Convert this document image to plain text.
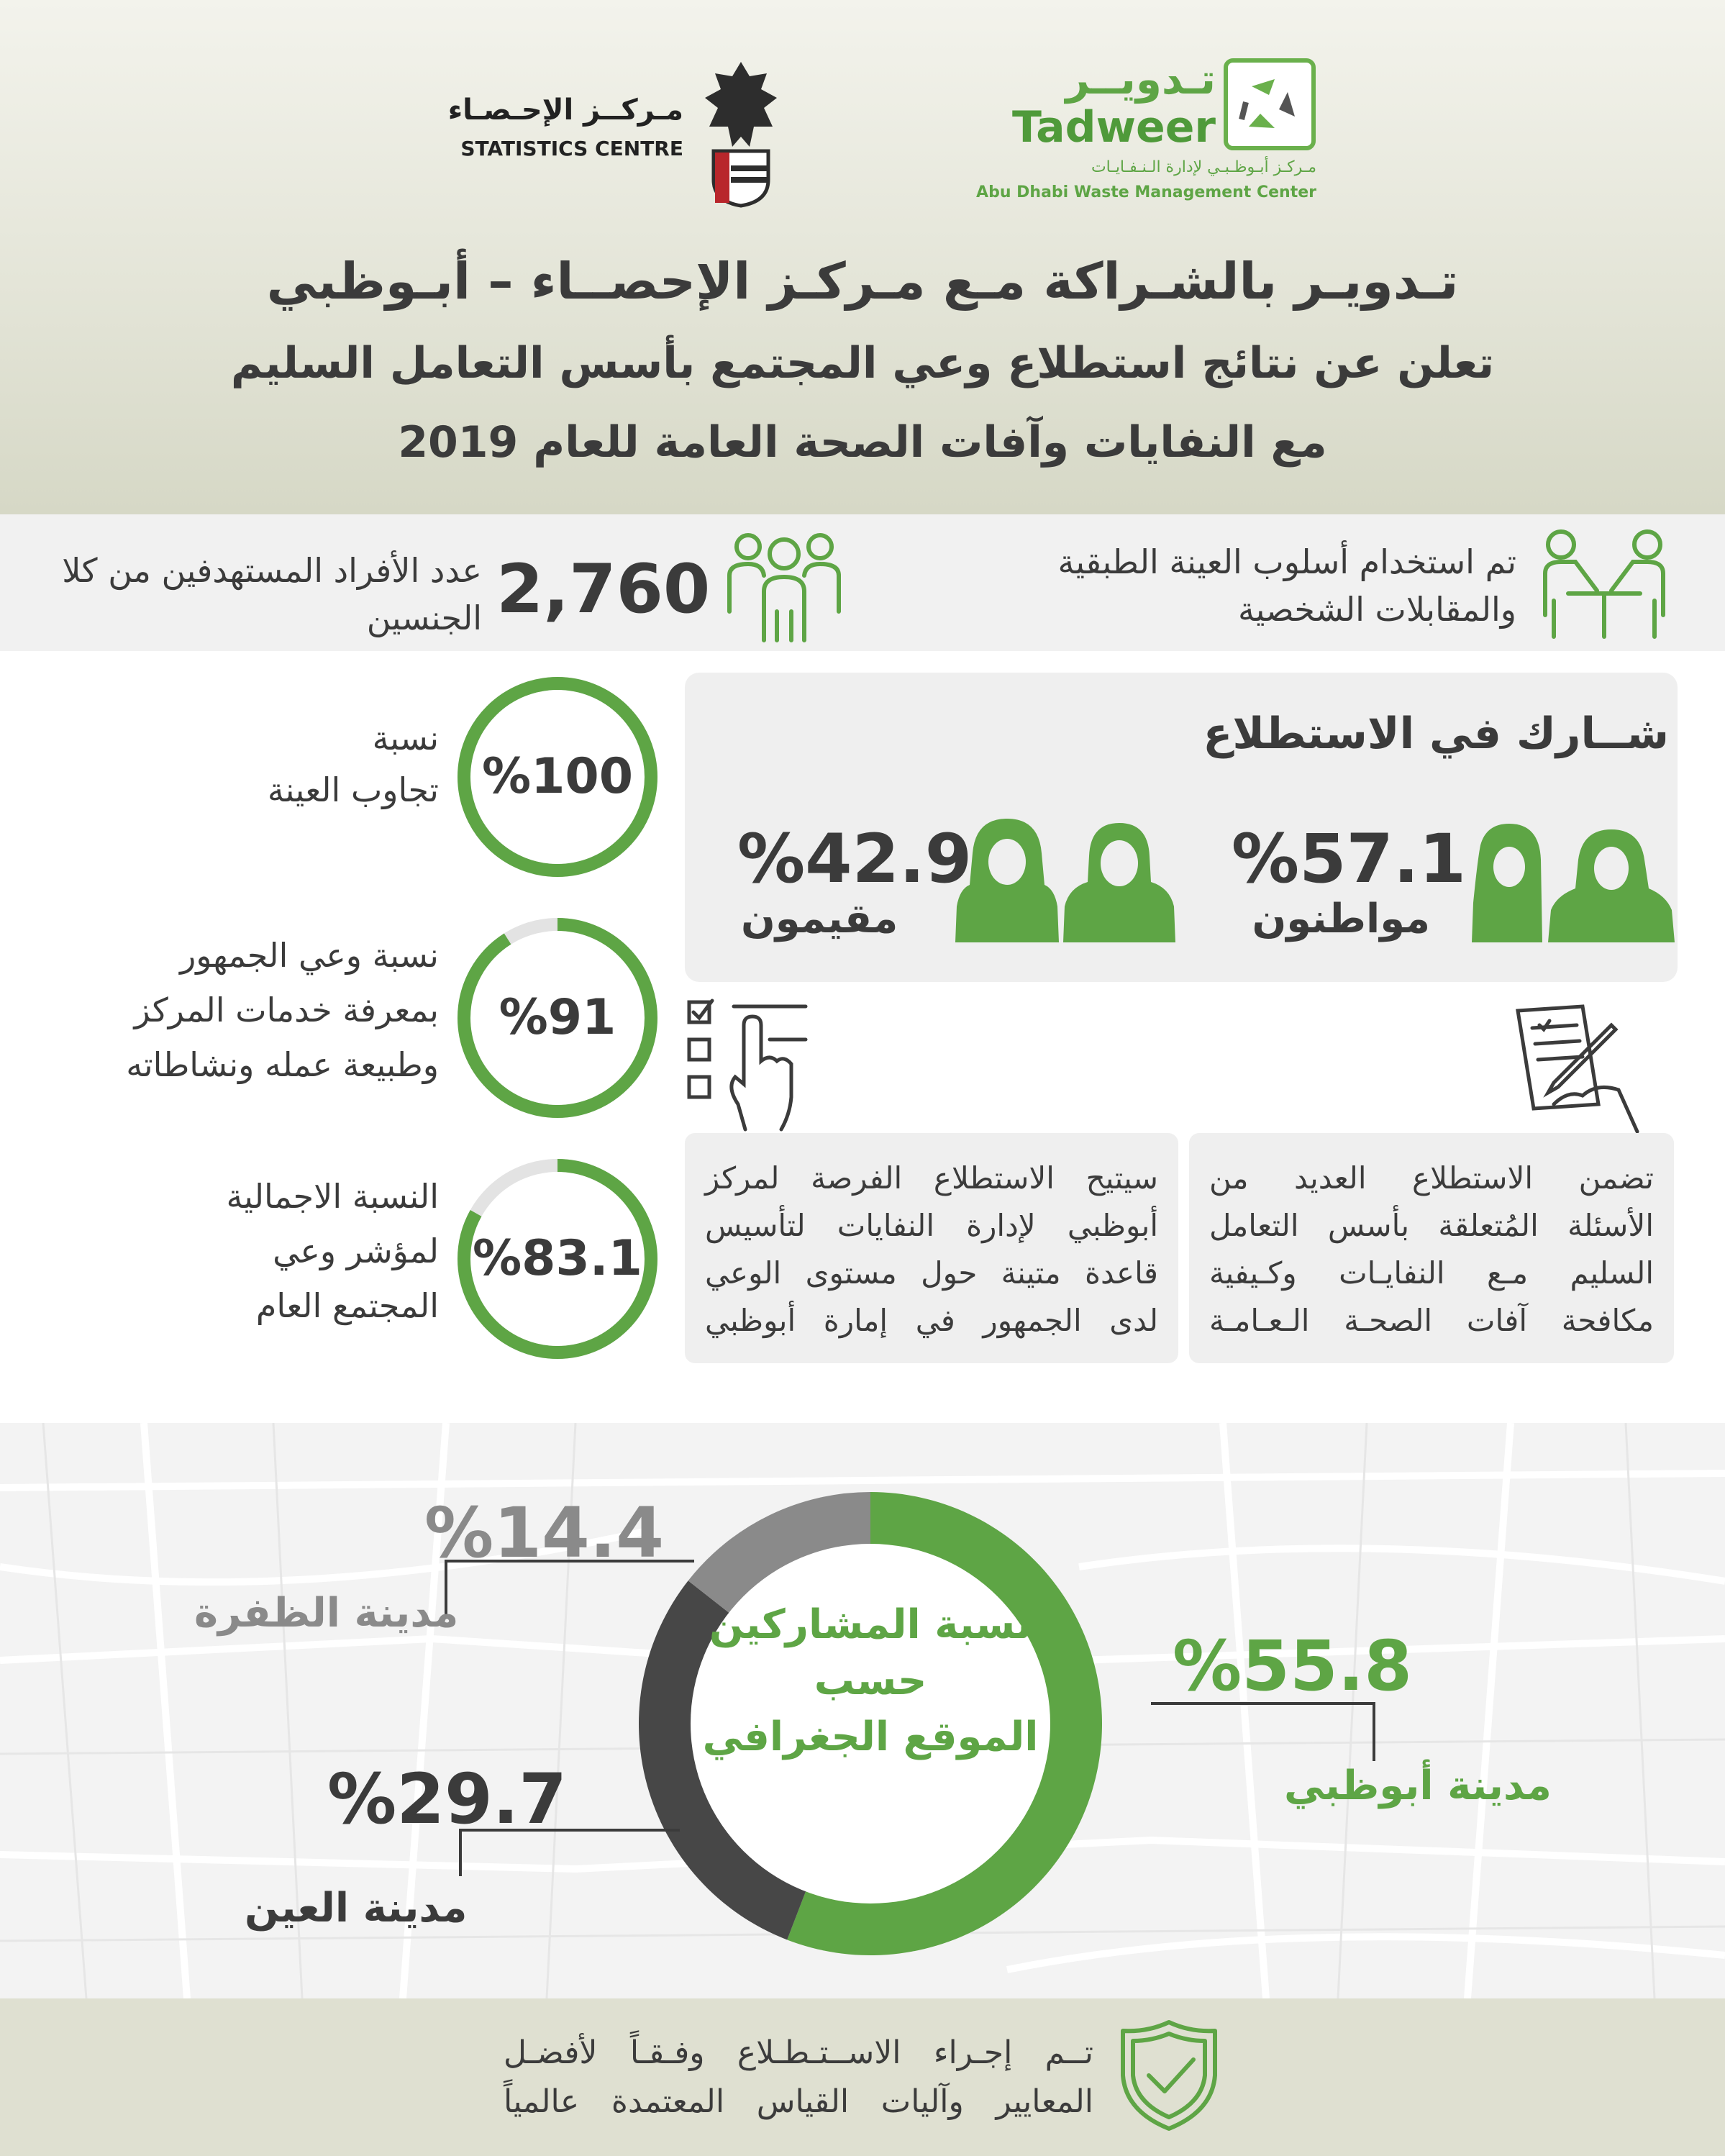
مـركــز الإحـصـاء
STATISTICS CENTRE
تـدويــر
Tadweer
مـركـز أبـوظـبـي لإدارة الـنـفـايـات
Abu Dhabi Waste Management Center
تـدويـر بالشـراكة مـع مـركـز الإحصــاء – أبـوظبي
تعلن عن نتائج استطلاع وعي المجتمع بأسس التعامل السليم
مع النفايات وآفات الصحة العامة للعام 2019
تم استخدام أسلوب العينة الطبقية والمقابلات الشخصية
2,760
عدد الأفراد المستهدفين من كلا الجنسين
شــارك في الاستطلاع
%57.1
مواطنون
%42.9
مقيمون
%100
نسبة
تجاوب العينة
%91
نسبة وعي الجمهور
بمعرفة خدمات المركز
وطبيعة عمله ونشاطاته
%83.1
النسبة الاجمالية
لمؤشر وعي
المجتمع العام
تضمن الاستطلاع العديد من
الأسئلة المُتعلقة بأسس التعامل
السليم مـع النفايـات وكـيفية
مكافحة آفات الصحـة الـعـامـة
سيتيح الاستطلاع الفرصة لمركز
أبوظبي لإدارة النفايات لتأسيس
قاعدة متينة حول مستوى الوعي
لدى الجمهور في إمارة أبوظبي
نسبة المشاركين
حسب
الموقع الجغرافي
%55.8
مدينة أبوظبي
%29.7
مدينة العين
%14.4
مدينة الظفرة
تــم إجـراء الاســتـطـلاع وفـقـاً لأفضـل
المعايير وآليات القياس المعتمدة عالمياً
